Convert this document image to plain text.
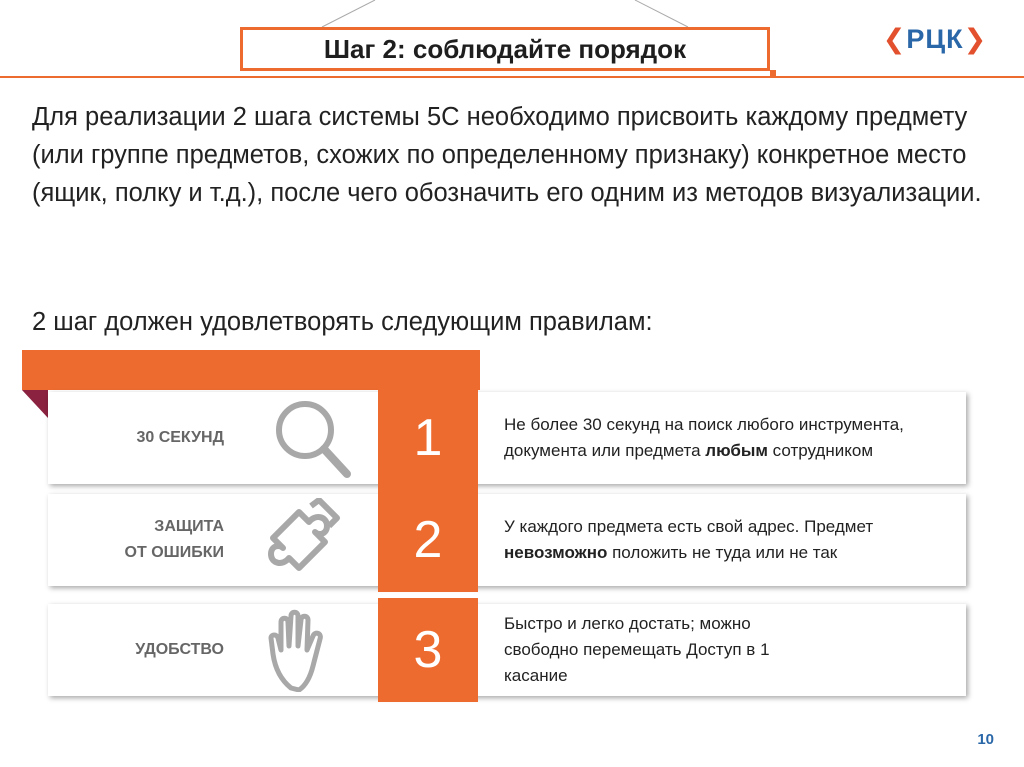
Шаг 2: соблюдайте порядок	❮ РЦК ❯
Для реализации 2 шага системы 5С необходимо присвоить каждому предмету (или группе предметов, схожих по определенному признаку) конкретное место (ящик, полку и т.д.), после чего обозначить его одним из методов визуализации.
2 шаг должен удовлетворять следующим правилам:
30 СЕКУНД	1	Не более 30 секунд на поиск любого инструмента, документа или предмета любым сотрудником
ЗАЩИТА
ОТ ОШИБКИ	2	У каждого предмета есть свой адрес. Предмет невозможно положить не туда или не так
УДОБСТВО	3	Быстро и легко достать; можно свободно перемещать Доступ в 1 касание
10
